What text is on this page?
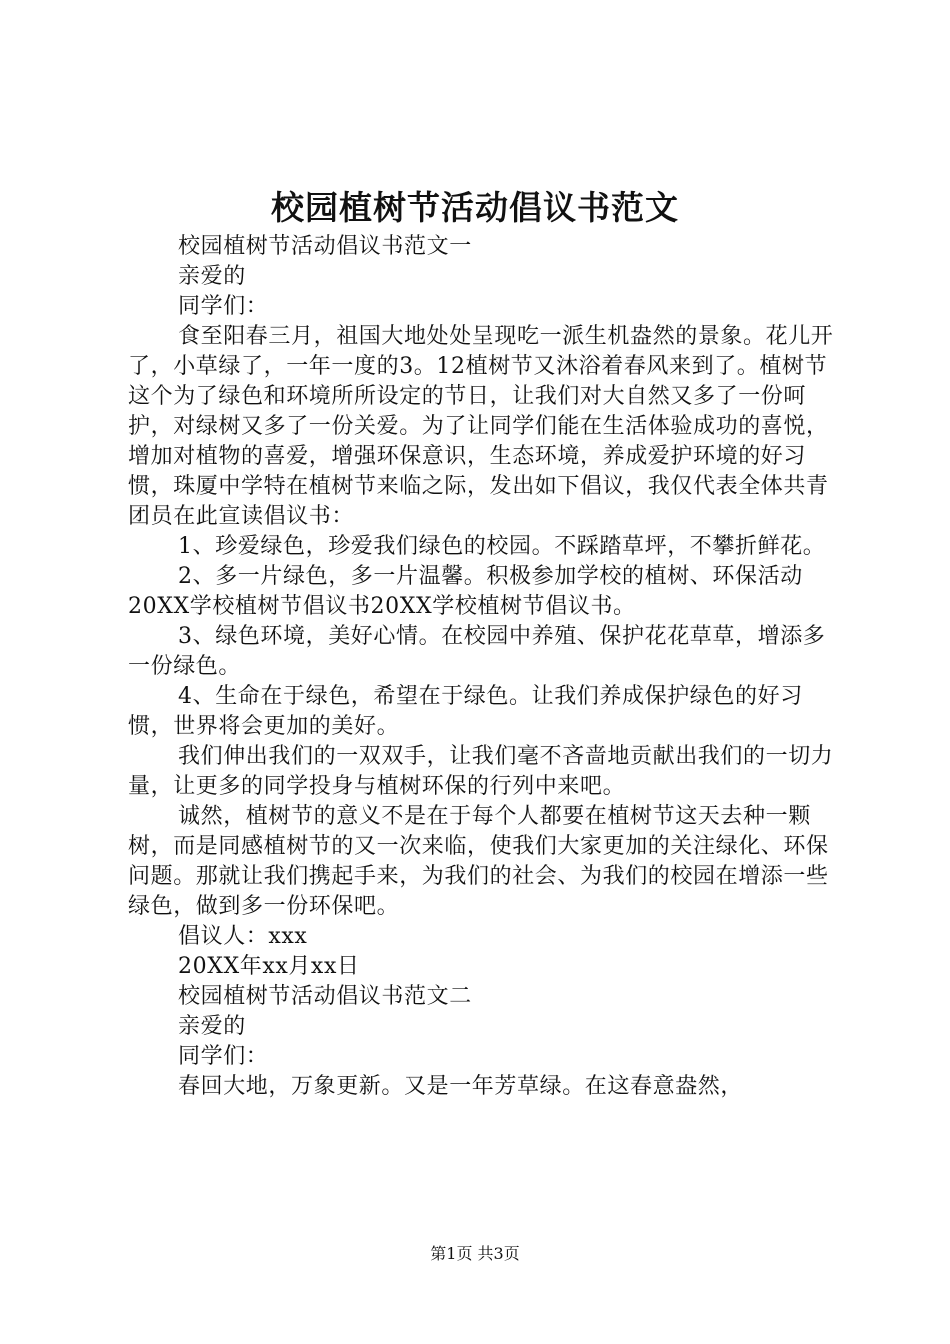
校园植树节活动倡议书范文

校园植树节活动倡议书范文一

亲爱的

同学们：

食至阳春三月，祖国大地处处呈现吃一派生机盎然的景象。花儿开了，小草绿了，一年一度的3。12植树节又沐浴着春风来到了。植树节这个为了绿色和环境所所设定的节日，让我们对大自然又多了一份呵护，对绿树又多了一份关爱。为了让同学们能在生活体验成功的喜悦，增加对植物的喜爱，增强环保意识，生态环境，养成爱护环境的好习惯，珠厦中学特在植树节来临之际，发出如下倡议，我仅代表全体共青团员在此宣读倡议书：

1、珍爱绿色，珍爱我们绿色的校园。不踩踏草坪，不攀折鲜花。

2、多一片绿色，多一片温馨。积极参加学校的植树、环保活动20XX学校植树节倡议书20XX学校植树节倡议书。

3、绿色环境，美好心情。在校园中养殖、保护花花草草，增添多一份绿色。

4、生命在于绿色，希望在于绿色。让我们养成保护绿色的好习惯，世界将会更加的美好。

我们伸出我们的一双双手，让我们毫不吝啬地贡献出我们的一切力量，让更多的同学投身与植树环保的行列中来吧。

诚然，植树节的意义不是在于每个人都要在植树节这天去种一颗树，而是同感植树节的又一次来临，使我们大家更加的关注绿化、环保问题。那就让我们携起手来，为我们的社会、为我们的校园在增添一些绿色，做到多一份环保吧。

倡议人：xxx

20XX年xx月xx日

校园植树节活动倡议书范文二

亲爱的

同学们：

春回大地，万象更新。又是一年芳草绿。在这春意盎然，

第1页 共3页
